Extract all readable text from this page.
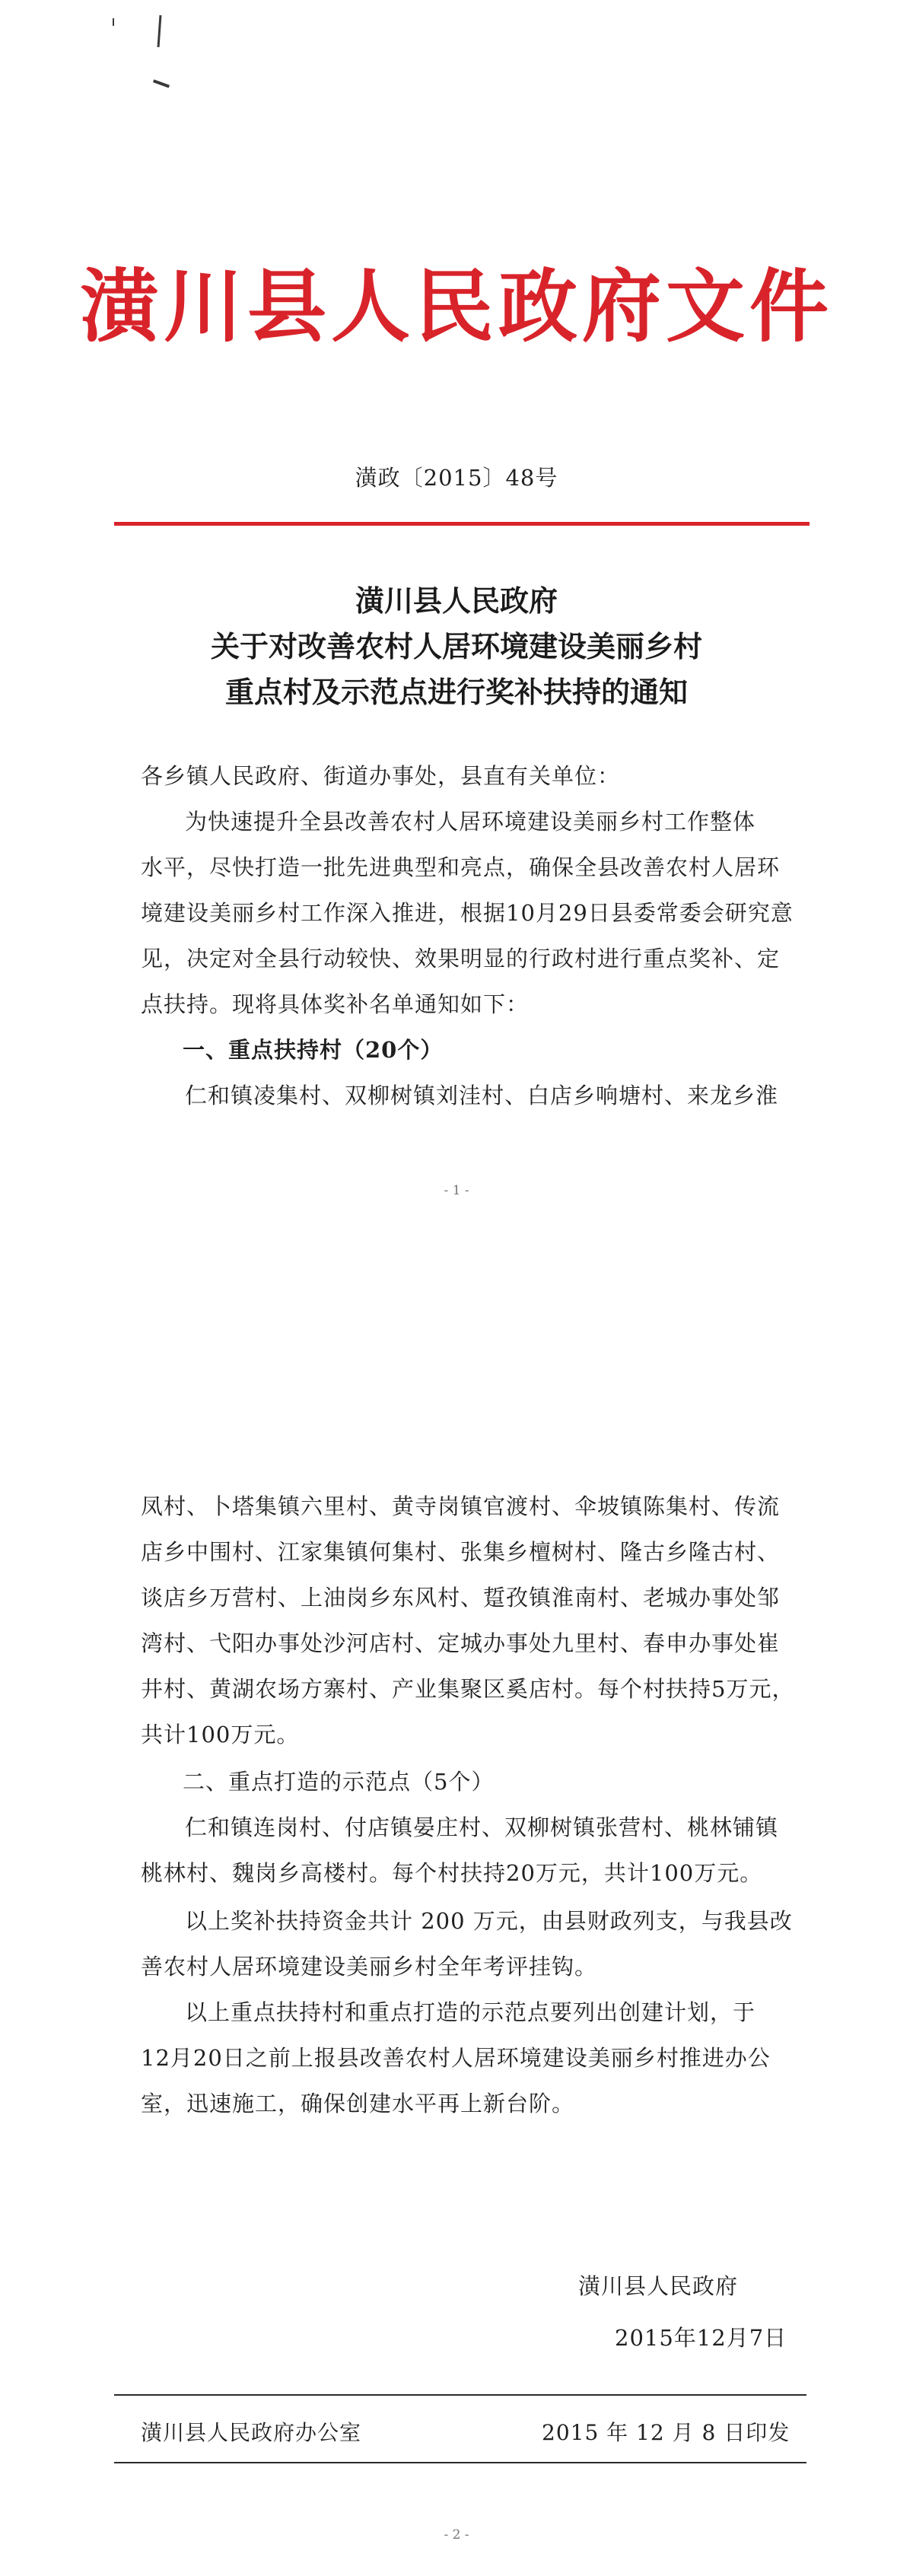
潢川县人民政府文件
潢政〔2015〕48号
潢川县人民政府
关于对改善农村人居环境建设美丽乡村
重点村及示范点进行奖补扶持的通知
各乡镇人民政府、街道办事处，县直有关单位：
为快速提升全县改善农村人居环境建设美丽乡村工作整体
水平，尽快打造一批先进典型和亮点，确保全县改善农村人居环
境建设美丽乡村工作深入推进，根据10月29日县委常委会研究意
见，决定对全县行动较快、效果明显的行政村进行重点奖补、定
点扶持。现将具体奖补名单通知如下：
一、重点扶持村（20个）
仁和镇凌集村、双柳树镇刘洼村、白店乡响塘村、来龙乡淮
- 1 -
凤村、卜塔集镇六里村、黄寺岗镇官渡村、伞坡镇陈集村、传流
店乡中围村、江家集镇何集村、张集乡檀树村、隆古乡隆古村、
谈店乡万营村、上油岗乡东风村、踅孜镇淮南村、老城办事处邹
湾村、弋阳办事处沙河店村、定城办事处九里村、春申办事处崔
井村、黄湖农场方寨村、产业集聚区奚店村。每个村扶持5万元，
共计100万元。
二、重点打造的示范点（5个）
仁和镇连岗村、付店镇晏庄村、双柳树镇张营村、桃林铺镇
桃林村、魏岗乡高楼村。每个村扶持20万元，共计100万元。
以上奖补扶持资金共计 200 万元，由县财政列支，与我县改
善农村人居环境建设美丽乡村全年考评挂钩。
以上重点扶持村和重点打造的示范点要列出创建计划，于
12月20日之前上报县改善农村人居环境建设美丽乡村推进办公
室，迅速施工，确保创建水平再上新台阶。
潢川县人民政府
2015年12月7日
潢川县人民政府办公室	2015 年 12 月 8 日印发
- 2 -
